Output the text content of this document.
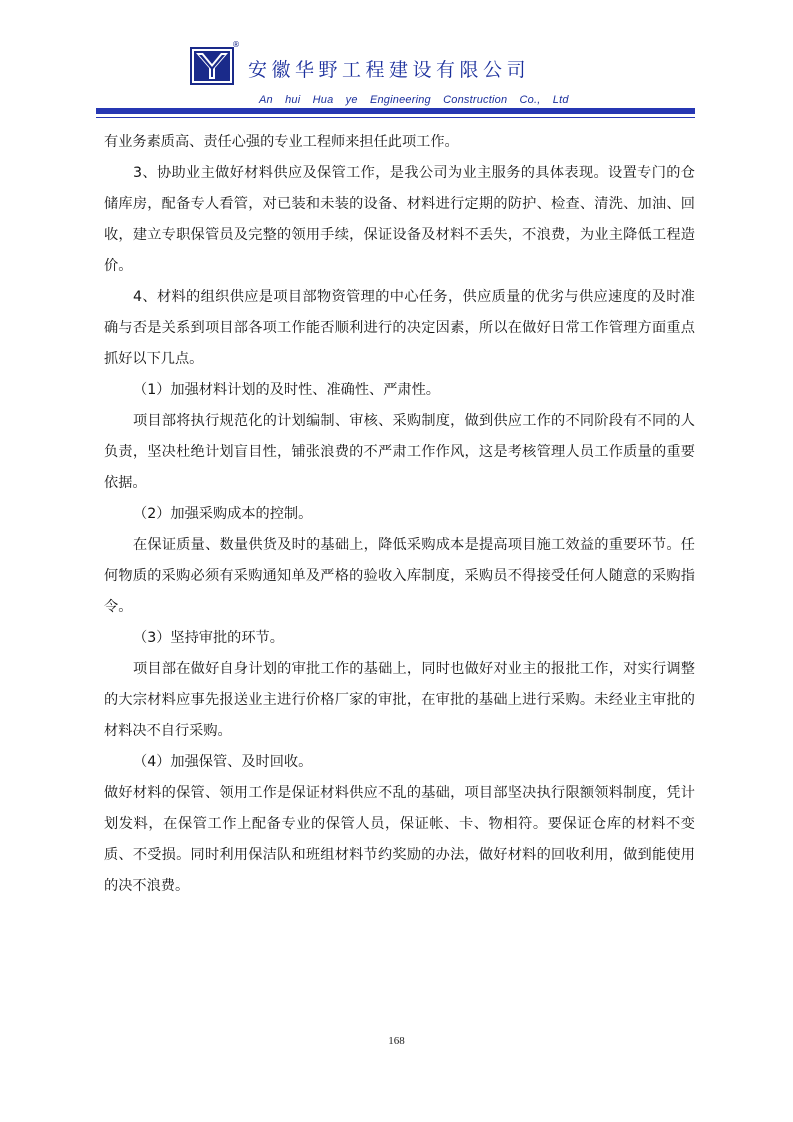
®
安徽华野工程建设有限公司
An hui Hua ye Engineering Construction Co., Ltd

有业务素质高、责任心强的专业工程师来担任此项工作。

3、协助业主做好材料供应及保管工作，是我公司为业主服务的具体表现。设置专门的仓储库房，配备专人看管，对已装和未装的设备、材料进行定期的防护、检查、清洗、加油、回收，建立专职保管员及完整的领用手续，保证设备及材料不丢失，不浪费，为业主降低工程造价。

4、材料的组织供应是项目部物资管理的中心任务，供应质量的优劣与供应速度的及时准确与否是关系到项目部各项工作能否顺利进行的决定因素，所以在做好日常工作管理方面重点抓好以下几点。

（1）加强材料计划的及时性、准确性、严肃性。

项目部将执行规范化的计划编制、审核、采购制度，做到供应工作的不同阶段有不同的人负责，坚决杜绝计划盲目性，铺张浪费的不严肃工作作风，这是考核管理人员工作质量的重要依据。

（2）加强采购成本的控制。

在保证质量、数量供货及时的基础上，降低采购成本是提高项目施工效益的重要环节。任何物质的采购必须有采购通知单及严格的验收入库制度，采购员不得接受任何人随意的采购指令。

（3）坚持审批的环节。

项目部在做好自身计划的审批工作的基础上，同时也做好对业主的报批工作，对实行调整的大宗材料应事先报送业主进行价格厂家的审批，在审批的基础上进行采购。未经业主审批的材料决不自行采购。

（4）加强保管、及时回收。

做好材料的保管、领用工作是保证材料供应不乱的基础，项目部坚决执行限额领料制度，凭计划发料，在保管工作上配备专业的保管人员，保证帐、卡、物相符。要保证仓库的材料不变质、不受损。同时利用保洁队和班组材料节约奖励的办法，做好材料的回收利用，做到能使用的决不浪费。

168
